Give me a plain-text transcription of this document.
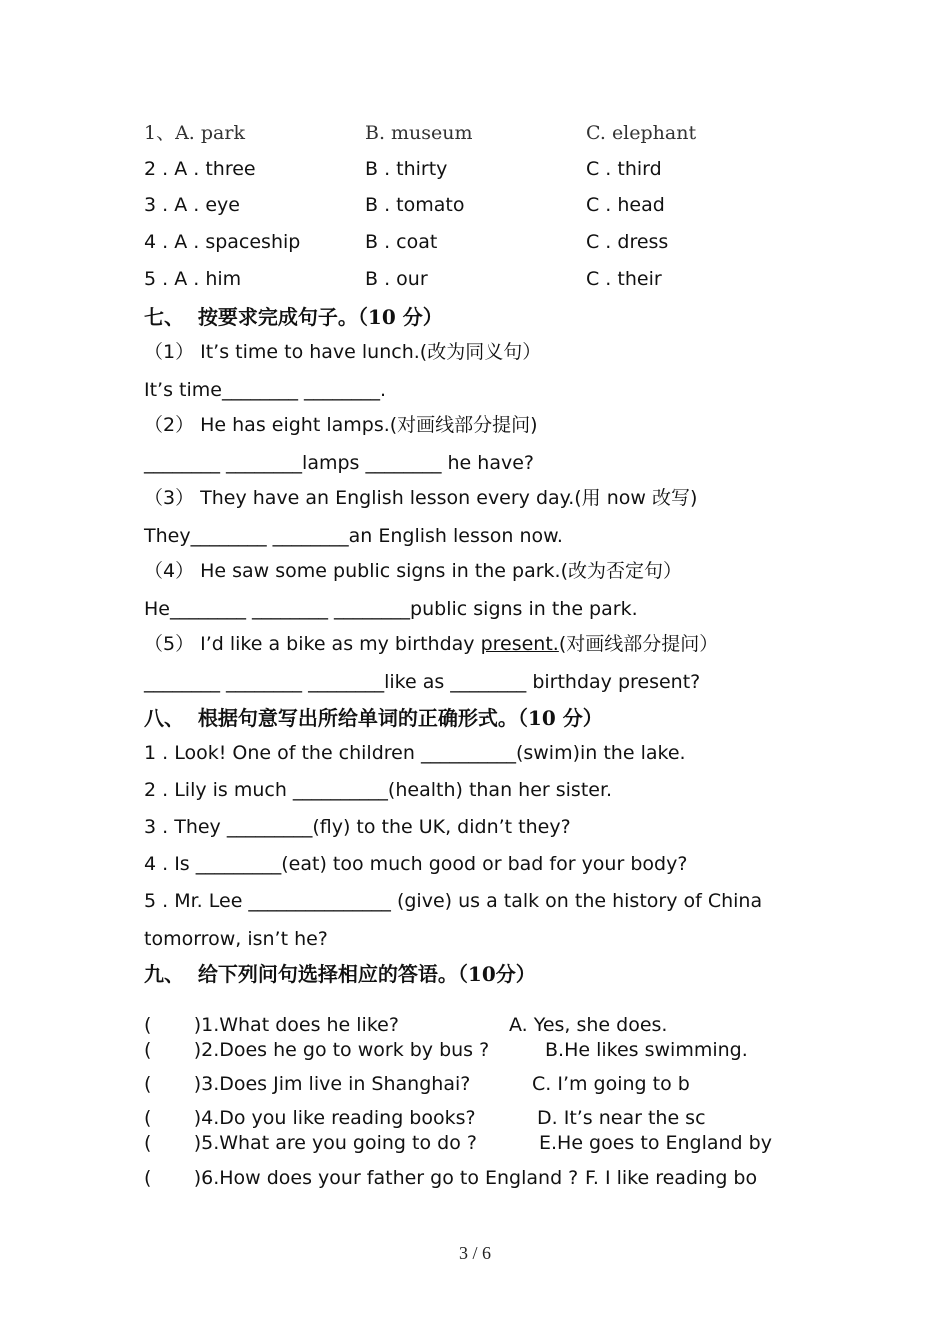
1、A. park	B. museum	C. elephant
2 . A . three	B . thirty	C . third
3 . A . eye	B . tomato	C . head
4 . A . spaceship	B . coat	C . dress
5 . A . him	B . our	C . their
七、  按要求完成句子。（10 分）
（1） It’s time to have lunch.(改为同义句）
It’s time________ ________.
（2） He has eight lamps.(对画线部分提问)
________ ________lamps ________ he have?
（3） They have an English lesson every day.(用 now 改写)
They________ ________an English lesson now.
（4） He saw some public signs in the park.(改为否定句）
He________ ________ ________public signs in the park.
（5） I’d like a bike as my birthday present.(对画线部分提问）
________ ________ ________like as ________ birthday present?
八、  根据句意写出所给单词的正确形式。（10 分）
1 . Look! One of the children __________(swim)in the lake.
2 . Lily is much __________(health) than her sister.
3 . They _________(fly) to the UK, didn’t they?
4 . Is _________(eat) too much good or bad for your body?
5 . Mr. Lee _______________ (give) us a talk on the history of China
tomorrow, isn’t he?
九、  给下列问句选择相应的答语。（10分）
(       )1.What does he like?	A. Yes, she does.
(       )2.Does he go to work by bus ?	B.He likes swimming.
(       )3.Does Jim live in Shanghai?	C. I’m going to b
(       )4.Do you like reading books?	D. It’s near the sc
(       )5.What are you going to do ?	E.He goes to England by
(       )6.How does your father go to England ? F. I like reading bo
3 / 6
